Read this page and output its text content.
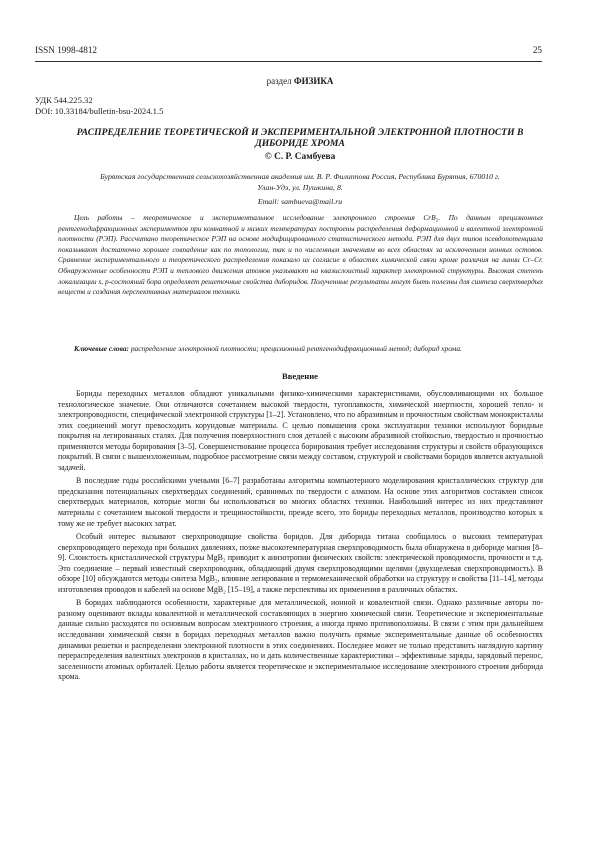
ISSN 1998-4812	25
раздел ФИЗИКА
УДК 544.225.32
DOI: 10.33184/bulletin-bsu-2024.1.5
РАСПРЕДЕЛЕНИЕ ТЕОРЕТИЧЕСКОЙ И ЭКСПЕРИМЕНТАЛЬНОЙ ЭЛЕКТРОННОЙ ПЛОТНОСТИ В ДИБОРИДЕ ХРОМА
© С. Р. Самбуева
Бурятская государственная сельскохозяйственная академия им. В. Р. Филиппова Россия, Республика Бурятия, 670010 г. Улан-Удэ, ул. Пушкина, 8.
Email: sambueva@mail.ru
Цель работы – теоретическое и экспериментальное исследование электронного строения CrB₂. По данным прецизионных рентгенодифракционных экспериментов при комнатной и низких температурах построены распределения деформационной и валентной электронной плотности (РЭП). Рассчитано теоретическое РЭП на основе модифицированного статистического метода. РЭП для двух типов псевдопотенциала показывают достаточно хорошее совпадение как по топологии, так и по численным значениям во всех областях за исключением ионных остовов. Сравнение экспериментального и теоретического распределения показало их согласие в областях химической связи кроме различия на линии Cr–Cr. Обнаруженные особенности РЭП и теплового движения атомов указывают на квазислоистый характер электронной структуры. Высокая степень локализации s, p-состояний бора определяет решеточные свойства диборидов. Полученные результаты могут быть полезны для синтеза сверхтвердых веществ и создания перспективных материалов техники.
Ключевые слова: распределение электронной плотности; прецизионный рентгенодифракционный метод; диборид хрома.
Введение

Бориды переходных металлов обладают уникальными физико-химическими характеристиками, обусловливающими их большое технологическое значение. Они отличаются сочетанием высокой твердости, тугоплавкости, химической инертности, хорошей тепло- и электропроводности, специфической электронной структуры [1–2]. Установлено, что по абразивным и прочностным свойствам монокристаллы этих соединений могут превосходить корундовые материалы. С целью повышения срока эксплуатации техники используют боридные покрытия на легированных сталях. Для получения поверхностного слоя деталей с высоким абразивной стойкостью, твердостью и прочностью применяются методы борирования [3–5]. Совершенствование процесса борирования требует исследования структуры и свойств образующихся покрытий. В связи с вышеизложенным, подробное рассмотрение связи между составом, структурой и свойствами боридов является актуальной задачей.

В последние годы российскими учеными [6–7] разработаны алгоритмы компьютерного моделирования кристаллических структур для предсказания потенциальных сверхтвердых соединений, сравнимых по твердости с алмазом. На основе этих алгоритмов составлен список сверхтвердых материалов, которые могли бы использоваться во многих областях техники. Наибольший интерес из них представляют материалы с сочетанием высокой твердости и трещиностойкости, прежде всего, это бориды переходных металлов, производство которых к тому же не требует высоких затрат.

Особый интерес вызывают сверхпроводящие свойства боридов. Для диборида титана сообщалось о высоких температурах сверхпроводящего перехода при больших давлениях, позже высокотемпературная сверхпроводимость была обнаружена в дибориде магния [8–9]. Слоистость кристаллической структуры MgB₂ приводит к анизотропии физических свойств: электрической проводимости, прочности и т.д. Это соединение – первый известный сверхпроводник, обладающий двумя сверхпроводящими щелями (двухщелевая сверхпроводимость). В обзоре [10] обсуждаются методы синтеза MgB₂, влияние легирования и термомеханической обработки на структуру и свойства [11–14], методы изготовления проводов и кабелей на основе MgB₂ [15–19], а также перспективы их применения в различных областях.

В боридах наблюдаются особенности, характерные для металлической, ионной и ковалентной связи. Однако различные авторы по-разному оценивают вклады ковалентной и металлической составляющих в энергию химической связи. Теоретические и экспериментальные данные сильно расходятся по основным вопросам электронного строения, а иногда прямо противоположны. В связи с этим при дальнейшем исследовании химической связи в боридах переходных металлов важно получить прямые экспериментальные данные об особенностях динамики решетки и распределении электронной плотности в этих соединениях. Последнее может не только представить наглядную картину перераспределения валентных электронов в кристаллах, но и дать количественные характеристики – эффективные заряды, зарядовый перенос, заселенности атомных орбиталей. Целью работы является теоретическое и экспериментальное исследование электронного строения диборида хрома.
